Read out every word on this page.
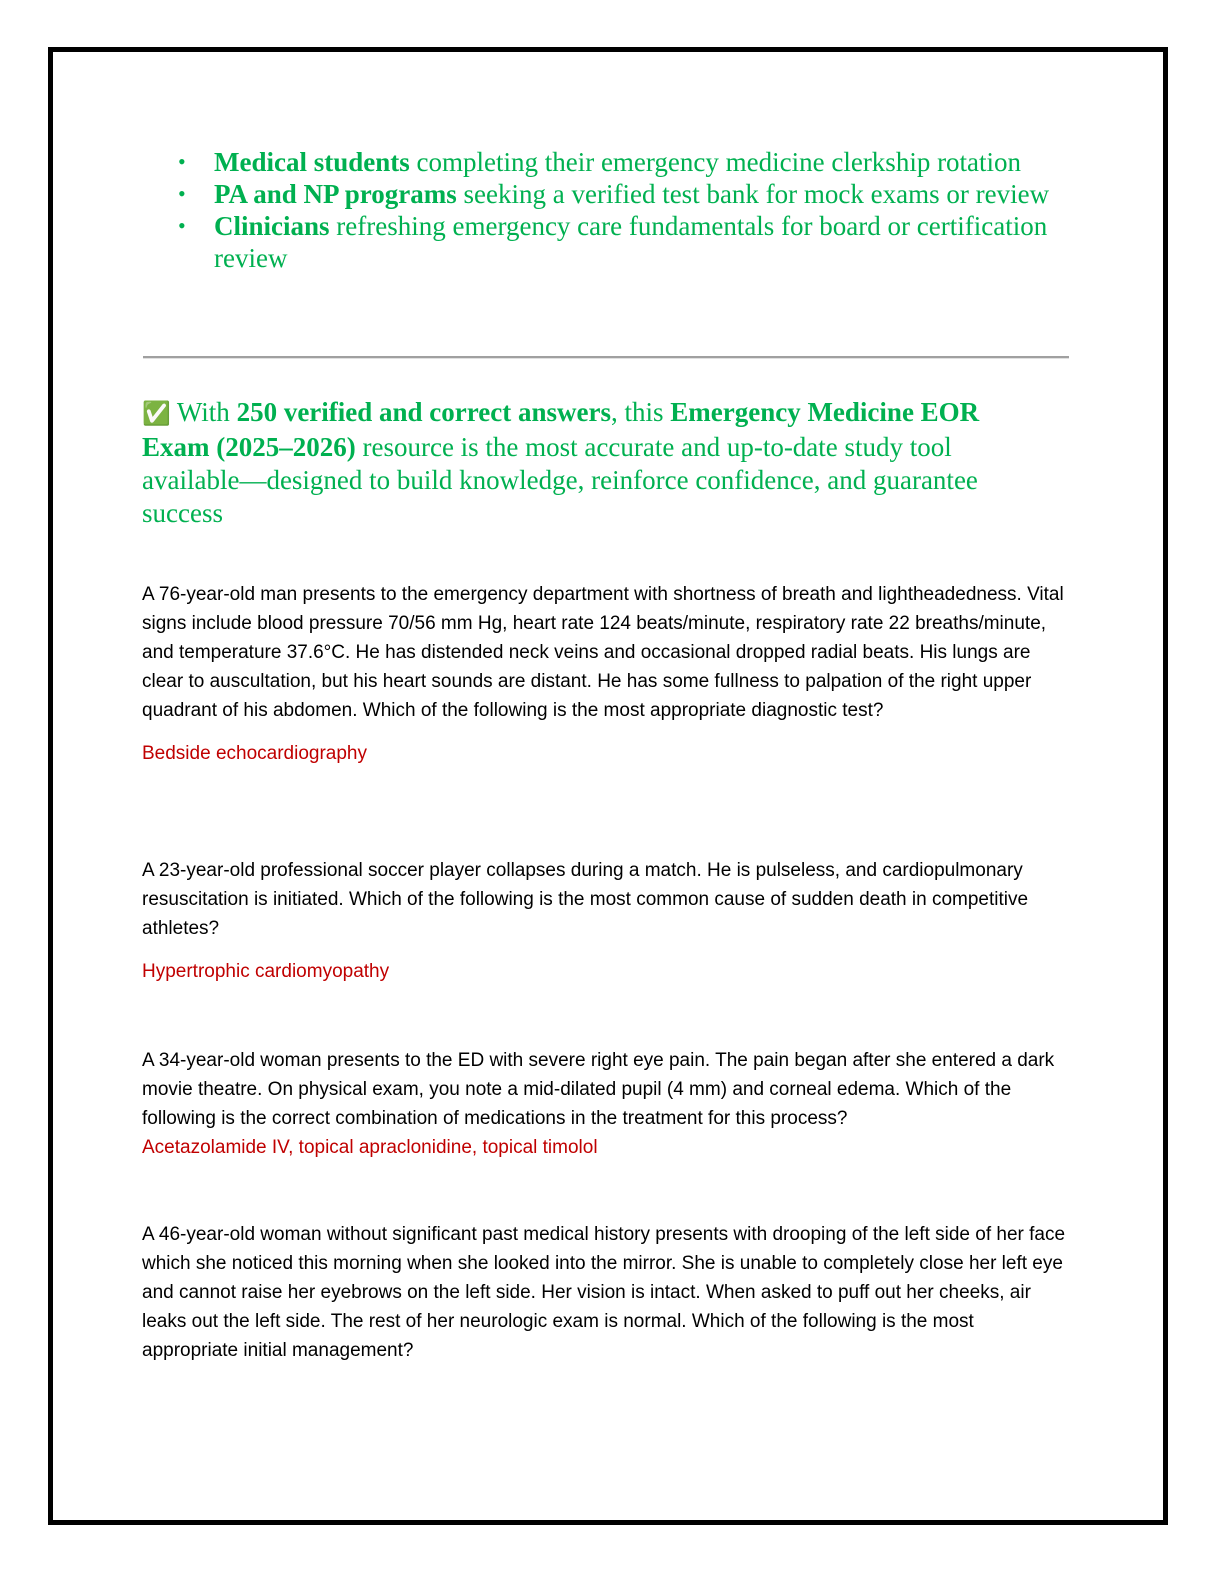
• Medical students completing their emergency medicine clerkship rotation
• PA and NP programs seeking a verified test bank for mock exams or review
• Clinicians refreshing emergency care fundamentals for board or certification review

✅ With 250 verified and correct answers, this Emergency Medicine EOR Exam (2025–2026) resource is the most accurate and up-to-date study tool available—designed to build knowledge, reinforce confidence, and guarantee success

A 76-year-old man presents to the emergency department with shortness of breath and lightheadedness. Vital signs include blood pressure 70/56 mm Hg, heart rate 124 beats/minute, respiratory rate 22 breaths/minute, and temperature 37.6°C. He has distended neck veins and occasional dropped radial beats. His lungs are clear to auscultation, but his heart sounds are distant. He has some fullness to palpation of the right upper quadrant of his abdomen. Which of the following is the most appropriate diagnostic test?

Bedside echocardiography

A 23-year-old professional soccer player collapses during a match. He is pulseless, and cardiopulmonary resuscitation is initiated. Which of the following is the most common cause of sudden death in competitive athletes?

Hypertrophic cardiomyopathy

A 34-year-old woman presents to the ED with severe right eye pain. The pain began after she entered a dark movie theatre. On physical exam, you note a mid-dilated pupil (4 mm) and corneal edema. Which of the following is the correct combination of medications in the treatment for this process?

Acetazolamide IV, topical apraclonidine, topical timolol

A 46-year-old woman without significant past medical history presents with drooping of the left side of her face which she noticed this morning when she looked into the mirror. She is unable to completely close her left eye and cannot raise her eyebrows on the left side. Her vision is intact. When asked to puff out her cheeks, air leaks out the left side. The rest of her neurologic exam is normal. Which of the following is the most appropriate initial management?
